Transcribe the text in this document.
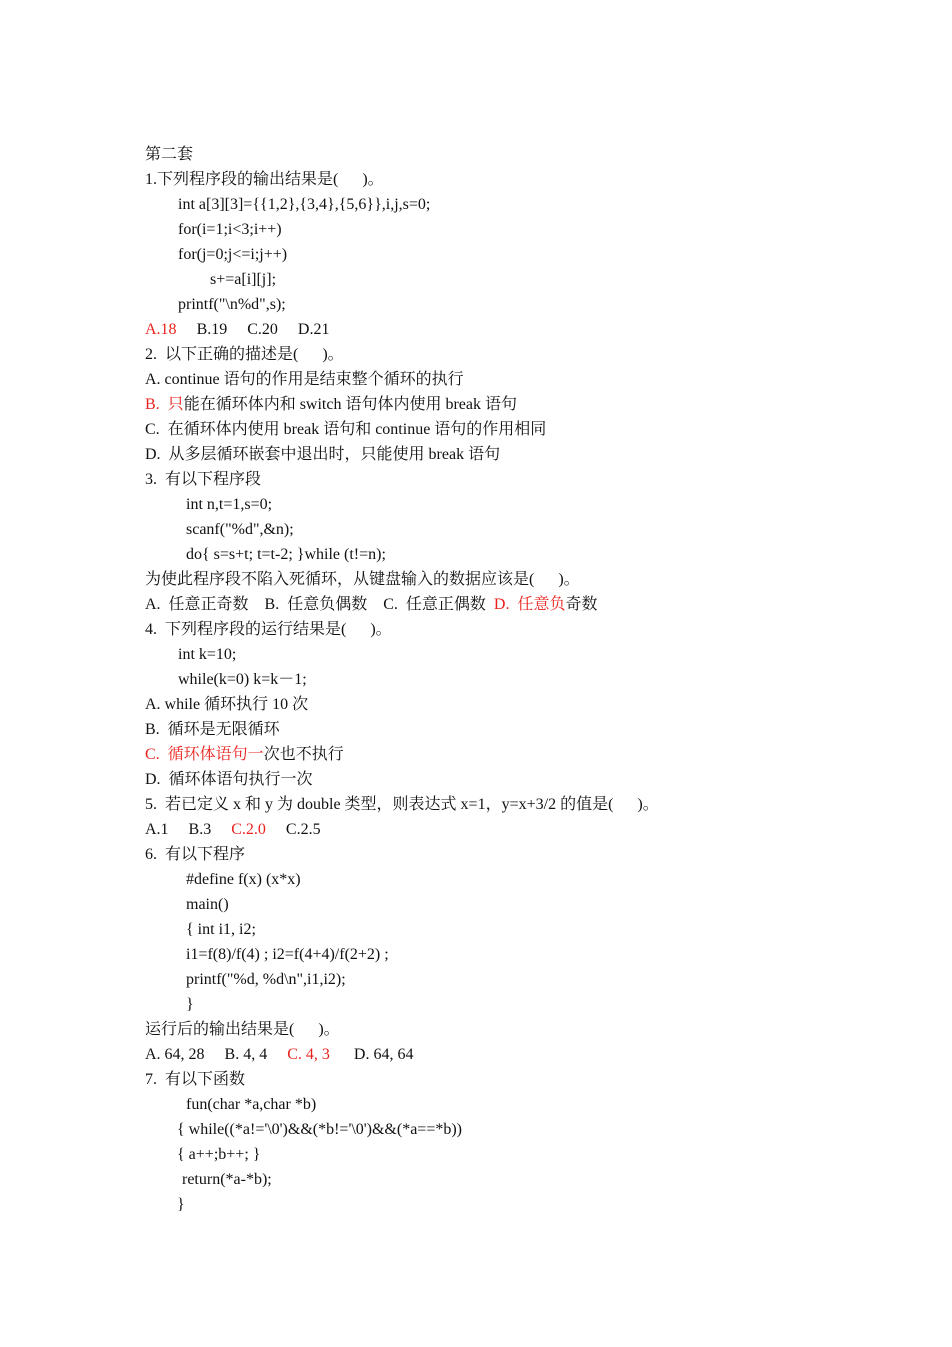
第二套
1.下列程序段的输出结果是(      )。
int a[3][3]={{1,2},{3,4},{5,6}},i,j,s=0;
for(i=1;i<3;i++)
for(j=0;j<=i;j++)
s+=a[i][j];
printf("\n%d",s);
A.18 B.19     C.20     D.21
2.  以下正确的描述是(      )。
A. continue 语句的作用是结束整个循环的执行
B.  只能在循环体内和 switch 语句体内使用 break 语句
C.  在循环体内使用 break 语句和 continue 语句的作用相同
D.  从多层循环嵌套中退出时，只能使用 break 语句
3.  有以下程序段
int n,t=1,s=0;
scanf("%d",&n);
do{ s=s+t; t=t-2; }while (t!=n);
为使此程序段不陷入死循环，从键盘输入的数据应该是(      )。
A.  任意正奇数    B.  任意负偶数    C.  任意正偶数  D.  任意负奇数
4.  下列程序段的运行结果是(      )。
int k=10;
while(k=0) k=k－1;
A. while 循环执行 10 次
B.  循环是无限循环
C.  循环体语句一次也不执行
D.  循环体语句执行一次
5.  若已定义 x 和 y 为 double 类型，则表达式 x=1，y=x+3/2 的值是(      )。
A.1     B.3     C.2.0     C.2.5
6.  有以下程序
#define f(x) (x*x)
main()
{ int i1, i2;
i1=f(8)/f(4) ; i2=f(4+4)/f(2+2) ;
printf("%d, %d\n",i1,i2);
}
运行后的输出结果是(      )。
A. 64, 28     B. 4, 4     C. 4, 3      D. 64, 64
7.  有以下函数
fun(char *a,char *b)
{ while((*a!='\0')&&(*b!='\0')&&(*a==*b))
{ a++;b++; }
return(*a-*b);
}
